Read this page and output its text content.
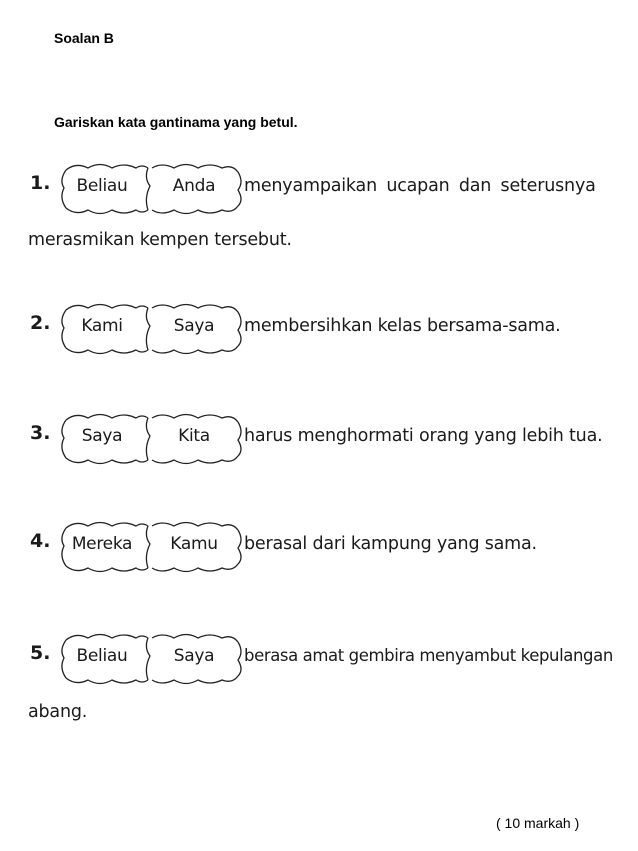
Soalan B
Gariskan kata gantinama yang betul.
1.	Beliau	Anda	menyampaikan ucapan dan seterusnya
merasmikan kempen tersebut.
2.	Kami	Saya	membersihkan kelas bersama-sama.
3.	Saya	Kita	harus menghormati orang yang lebih tua.
4.	Mereka	Kamu	berasal dari kampung yang sama.
5.	Beliau	Saya	berasa amat gembira menyambut kepulangan
abang.
( 10 markah )
